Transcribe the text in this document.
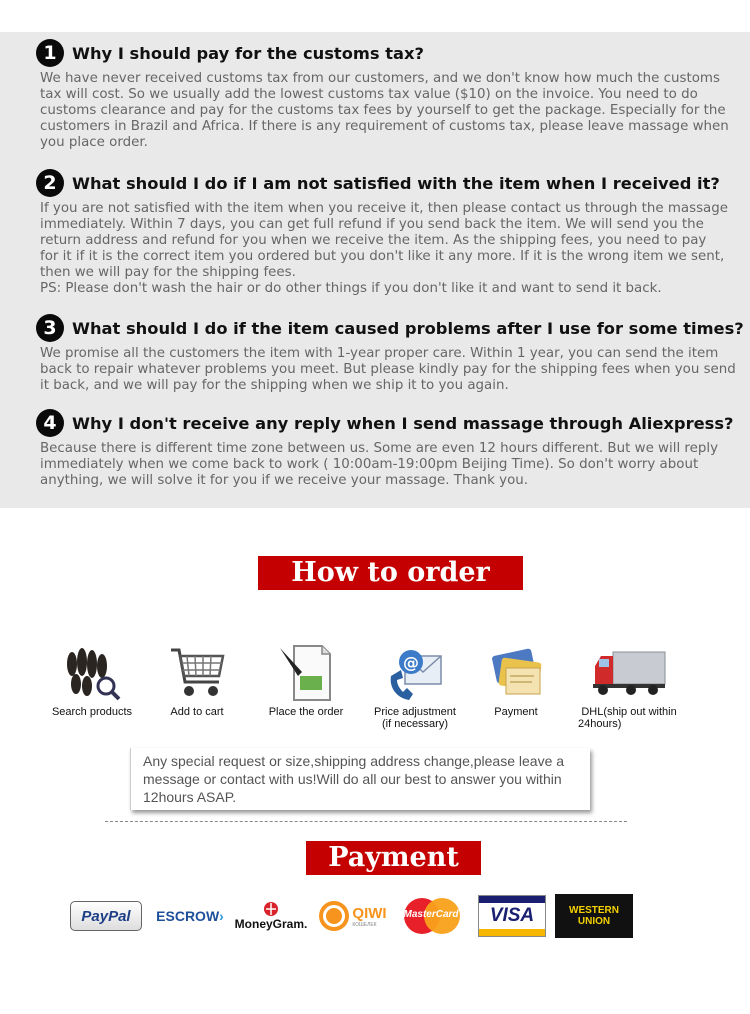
1 Why I should pay for the customs tax?
We have never received customs tax from our customers, and we don't know how much the customs
tax will cost. So we usually add the lowest customs tax value ($10) on the invoice. You need to do
customs clearance and pay for the customs tax fees by yourself to get the package. Especially for the
customers in Brazil and Africa. If there is any requirement of customs tax, please leave massage when
you place order.
2 What should I do if I am not satisfied with the item when I received it?
If you are not satisfied with the item when you receive it, then please contact us through the massage
immediately. Within 7 days, you can get full refund if you send back the item. We will send you the
return address and refund for you when we receive the item. As the shipping fees, you need to pay
for it if it is the correct item you ordered but you don't like it any more. If it is the wrong item we sent,
then we will pay for the shipping fees.
PS: Please don't wash the hair or do other things if you don't like it and want to send it back.
3 What should I do if the item caused problems after I use for some times?
We promise all the customers the item with 1-year proper care. Within 1 year, you can send the item
back to repair whatever problems you meet. But please kindly pay for the shipping fees when you send
it back, and we will pay for the shipping when we ship it to you again.
4 Why I don't receive any reply when I send massage through Aliexpress?
Because there is different time zone between us. Some are even 12 hours different. But we will reply
immediately when we come back to work ( 10:00am-19:00pm Beijing Time). So don't worry about
anything, we will solve it for you if we receive your massage. Thank you.
How to order
Search products	Add to cart	Place the order
@
Price adjustment
(if necessary)
Payment	DHL(ship out within
24hours)
Any special request or size,shipping address change,please leave a
message or contact with us!Will do all our best to answer you within
12hours ASAP.
Payment
PayPal ESCROW › MoneyGram.
QIWI
КОШЕЛЕК
MasterCard VISA	WESTERN
UNION
